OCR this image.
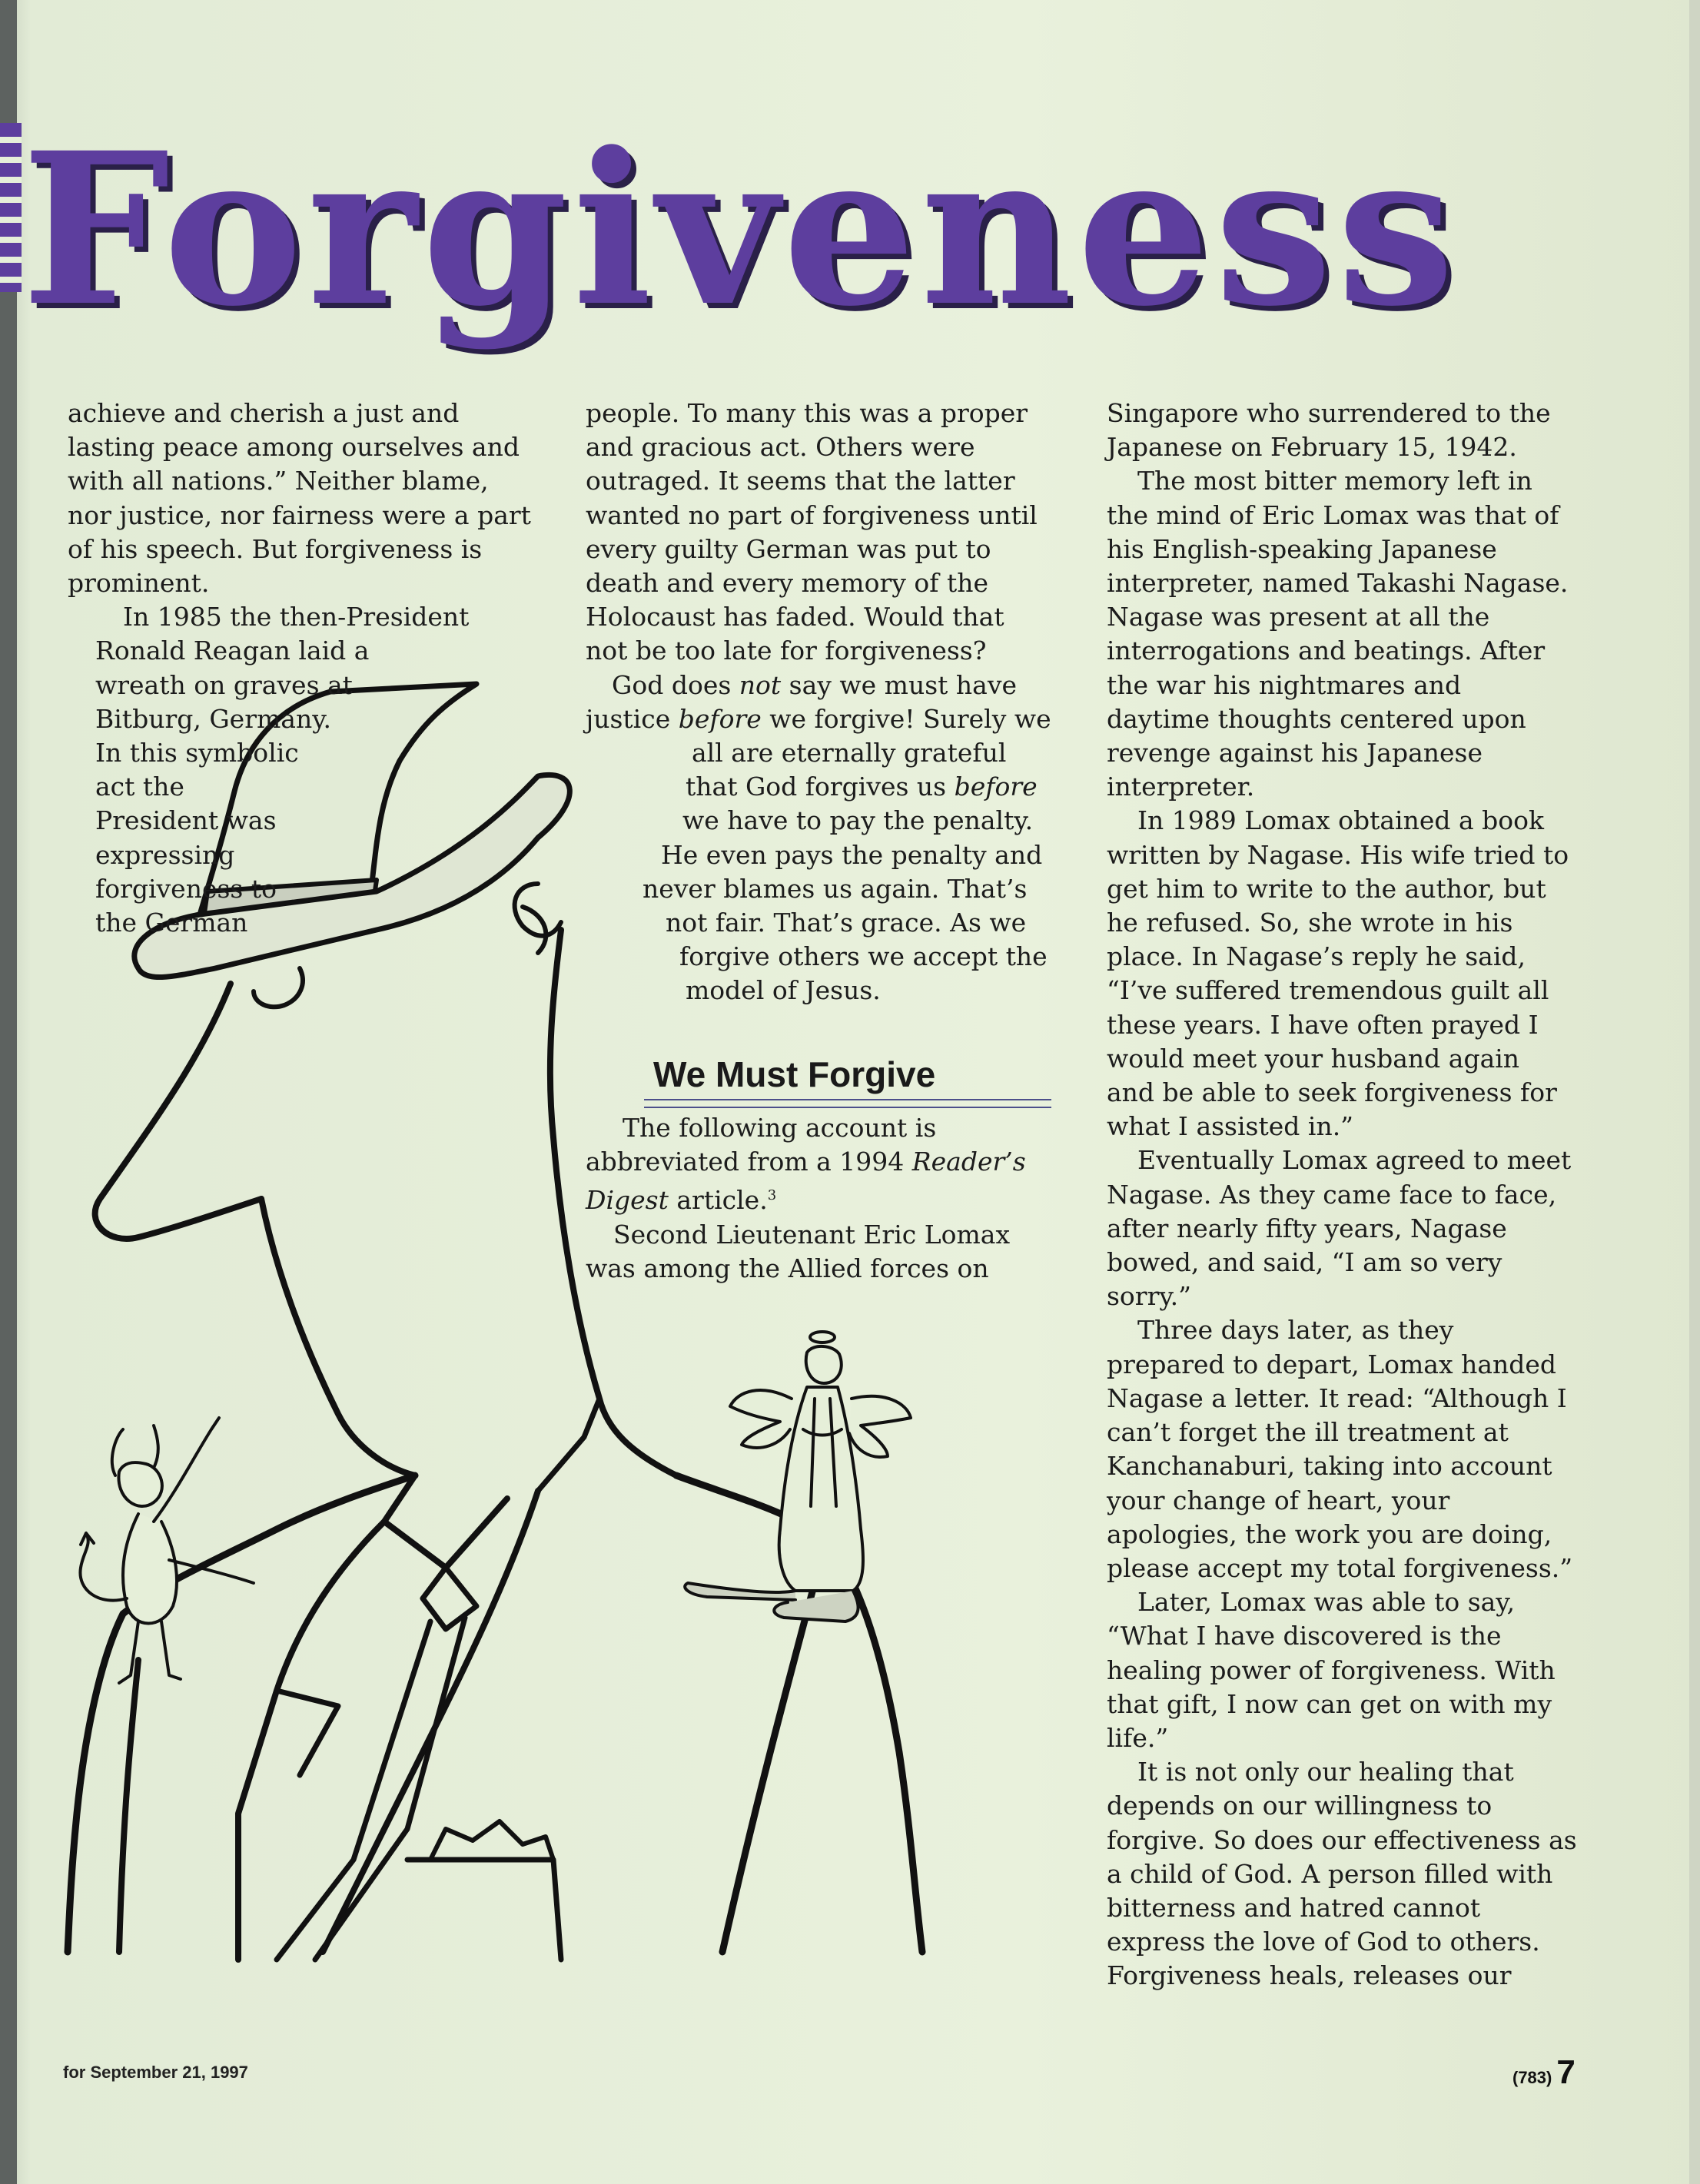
Forgiveness

achieve and cherish a just and
lasting peace among ourselves and
with all nations.” Neither blame,
nor justice, nor fairness were a part
of his speech. But forgiveness is
prominent.

In 1985 the then-President
Ronald Reagan laid a
wreath on graves at
Bitburg, Germany.
In this symbolic
act the
President was
expressing
forgiveness to
the German

people. To many this was a proper
and gracious act. Others were
outraged. It seems that the latter
wanted no part of forgiveness until
every guilty German was put to
death and every memory of the
Holocaust has faded. Would that
not be too late for forgiveness?

God does not say we must have
justice before we forgive! Surely we
all are eternally grateful
that God forgives us before
we have to pay the penalty.
He even pays the penalty and
never blames us again. That’s
not fair. That’s grace. As we
forgive others we accept the
model of Jesus.

We Must Forgive

The following account is
abbreviated from a 1994 Reader’s
Digest article.$^3$

Second Lieutenant Eric Lomax
was among the Allied forces on

Singapore who surrendered to the
Japanese on February 15, 1942.

The most bitter memory left in
the mind of Eric Lomax was that of
his English-speaking Japanese
interpreter, named Takashi Nagase.
Nagase was present at all the
interrogations and beatings. After
the war his nightmares and
daytime thoughts centered upon
revenge against his Japanese
interpreter.

In 1989 Lomax obtained a book
written by Nagase. His wife tried to
get him to write to the author, but
he refused. So, she wrote in his
place. In Nagase’s reply he said,
“I’ve suffered tremendous guilt all
these years. I have often prayed I
would meet your husband again
and be able to seek forgiveness for
what I assisted in.”

Eventually Lomax agreed to meet
Nagase. As they came face to face,
after nearly fifty years, Nagase
bowed, and said, “I am so very
sorry.”

Three days later, as they
prepared to depart, Lomax handed
Nagase a letter. It read: “Although I
can’t forget the ill treatment at
Kanchanaburi, taking into account
your change of heart, your
apologies, the work you are doing,
please accept my total forgiveness.”

Later, Lomax was able to say,
“What I have discovered is the
healing power of forgiveness. With
that gift, I now can get on with my
life.”

It is not only our healing that
depends on our willingness to
forgive. So does our effectiveness as
a child of God. A person filled with
bitterness and hatred cannot
express the love of God to others.
Forgiveness heals, releases our

for September 21, 1997	(783) 7
